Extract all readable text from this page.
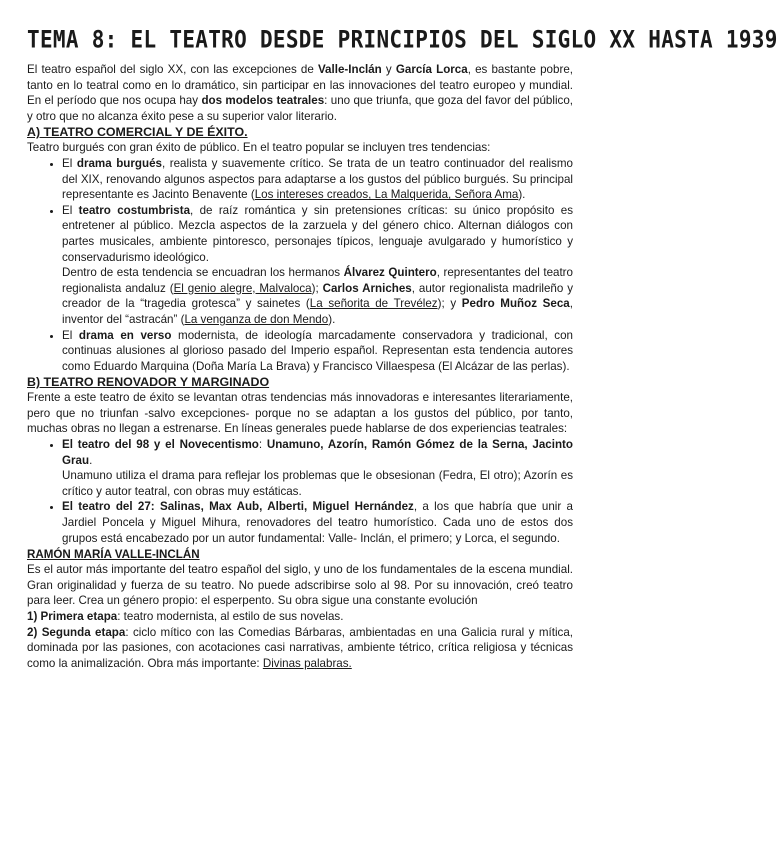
TEMA 8: EL TEATRO DESDE PRINCIPIOS DEL SIGLO XX HASTA 1939

El teatro español del siglo XX, con las excepciones de Valle-Inclán y García Lorca, es bastante pobre, tanto en lo teatral como en lo dramático, sin participar en las innovaciones del teatro europeo y mundial. En el período que nos ocupa hay dos modelos teatrales: uno que triunfa, que goza del favor del público, y otro que no alcanza éxito pese a su superior valor literario.

A) TEATRO COMERCIAL Y DE ÉXITO.

Teatro burgués con gran éxito de público. En el teatro popular se incluyen tres tendencias:

• El drama burgués, realista y suavemente crítico. Se trata de un teatro continuador del realismo del XIX, renovando algunos aspectos para adaptarse a los gustos del público burgués. Su principal representante es Jacinto Benavente (Los intereses creados, La Malquerida, Señora Ama).
• El teatro costumbrista, de raíz romántica y sin pretensiones críticas: su único propósito es entretener al público. Mezcla aspectos de la zarzuela y del género chico. Alternan diálogos con partes musicales, ambiente pintoresco, personajes típicos, lenguaje avulgarado y humorístico y conservadurismo ideológico.
Dentro de esta tendencia se encuadran los hermanos Álvarez Quintero, representantes del teatro regionalista andaluz (El genio alegre, Malvaloca); Carlos Arniches, autor regionalista madrileño y creador de la “tragedia grotesca” y sainetes (La señorita de Trevélez); y Pedro Muñoz Seca, inventor del “astracán” (La venganza de don Mendo).
• El drama en verso modernista, de ideología marcadamente conservadora y tradicional, con continuas alusiones al glorioso pasado del Imperio español. Representan esta tendencia autores como Eduardo Marquina (Doña María La Brava) y Francisco Villaespesa (El Alcázar de las perlas).
B) TEATRO RENOVADOR Y MARGINADO

Frente a este teatro de éxito se levantan otras tendencias más innovadoras e interesantes literariamente, pero que no triunfan -salvo excepciones- porque no se adaptan a los gustos del público, por tanto, muchas obras no llegan a estrenarse. En líneas generales puede hablarse de dos experiencias teatrales:

• El teatro del 98 y el Novecentismo: Unamuno, Azorín, Ramón Gómez de la Serna, Jacinto Grau.
Unamuno utiliza el drama para reflejar los problemas que le obsesionan (Fedra, El otro); Azorín es crítico y autor teatral, con obras muy estáticas.
• El teatro del 27: Salinas, Max Aub, Alberti, Miguel Hernández, a los que habría que unir a Jardiel Poncela y Miguel Mihura, renovadores del teatro humorístico. Cada uno de estos dos grupos está encabezado por un autor fundamental: Valle- Inclán, el primero; y Lorca, el segundo.
RAMÓN MARÍA VALLE-INCLÁN

Es el autor más importante del teatro español del siglo, y uno de los fundamentales de la escena mundial. Gran originalidad y fuerza de su teatro. No puede adscribirse solo al 98. Por su innovación, creó teatro para leer. Crea un género propio: el esperpento. Su obra sigue una constante evolución

1) Primera etapa: teatro modernista, al estilo de sus novelas.

2) Segunda etapa: ciclo mítico con las Comedias Bárbaras, ambientadas en una Galicia rural y mítica, dominada por las pasiones, con acotaciones casi narrativas, ambiente tétrico, crítica religiosa y técnicas como la animalización. Obra más importante: Divinas palabras.
